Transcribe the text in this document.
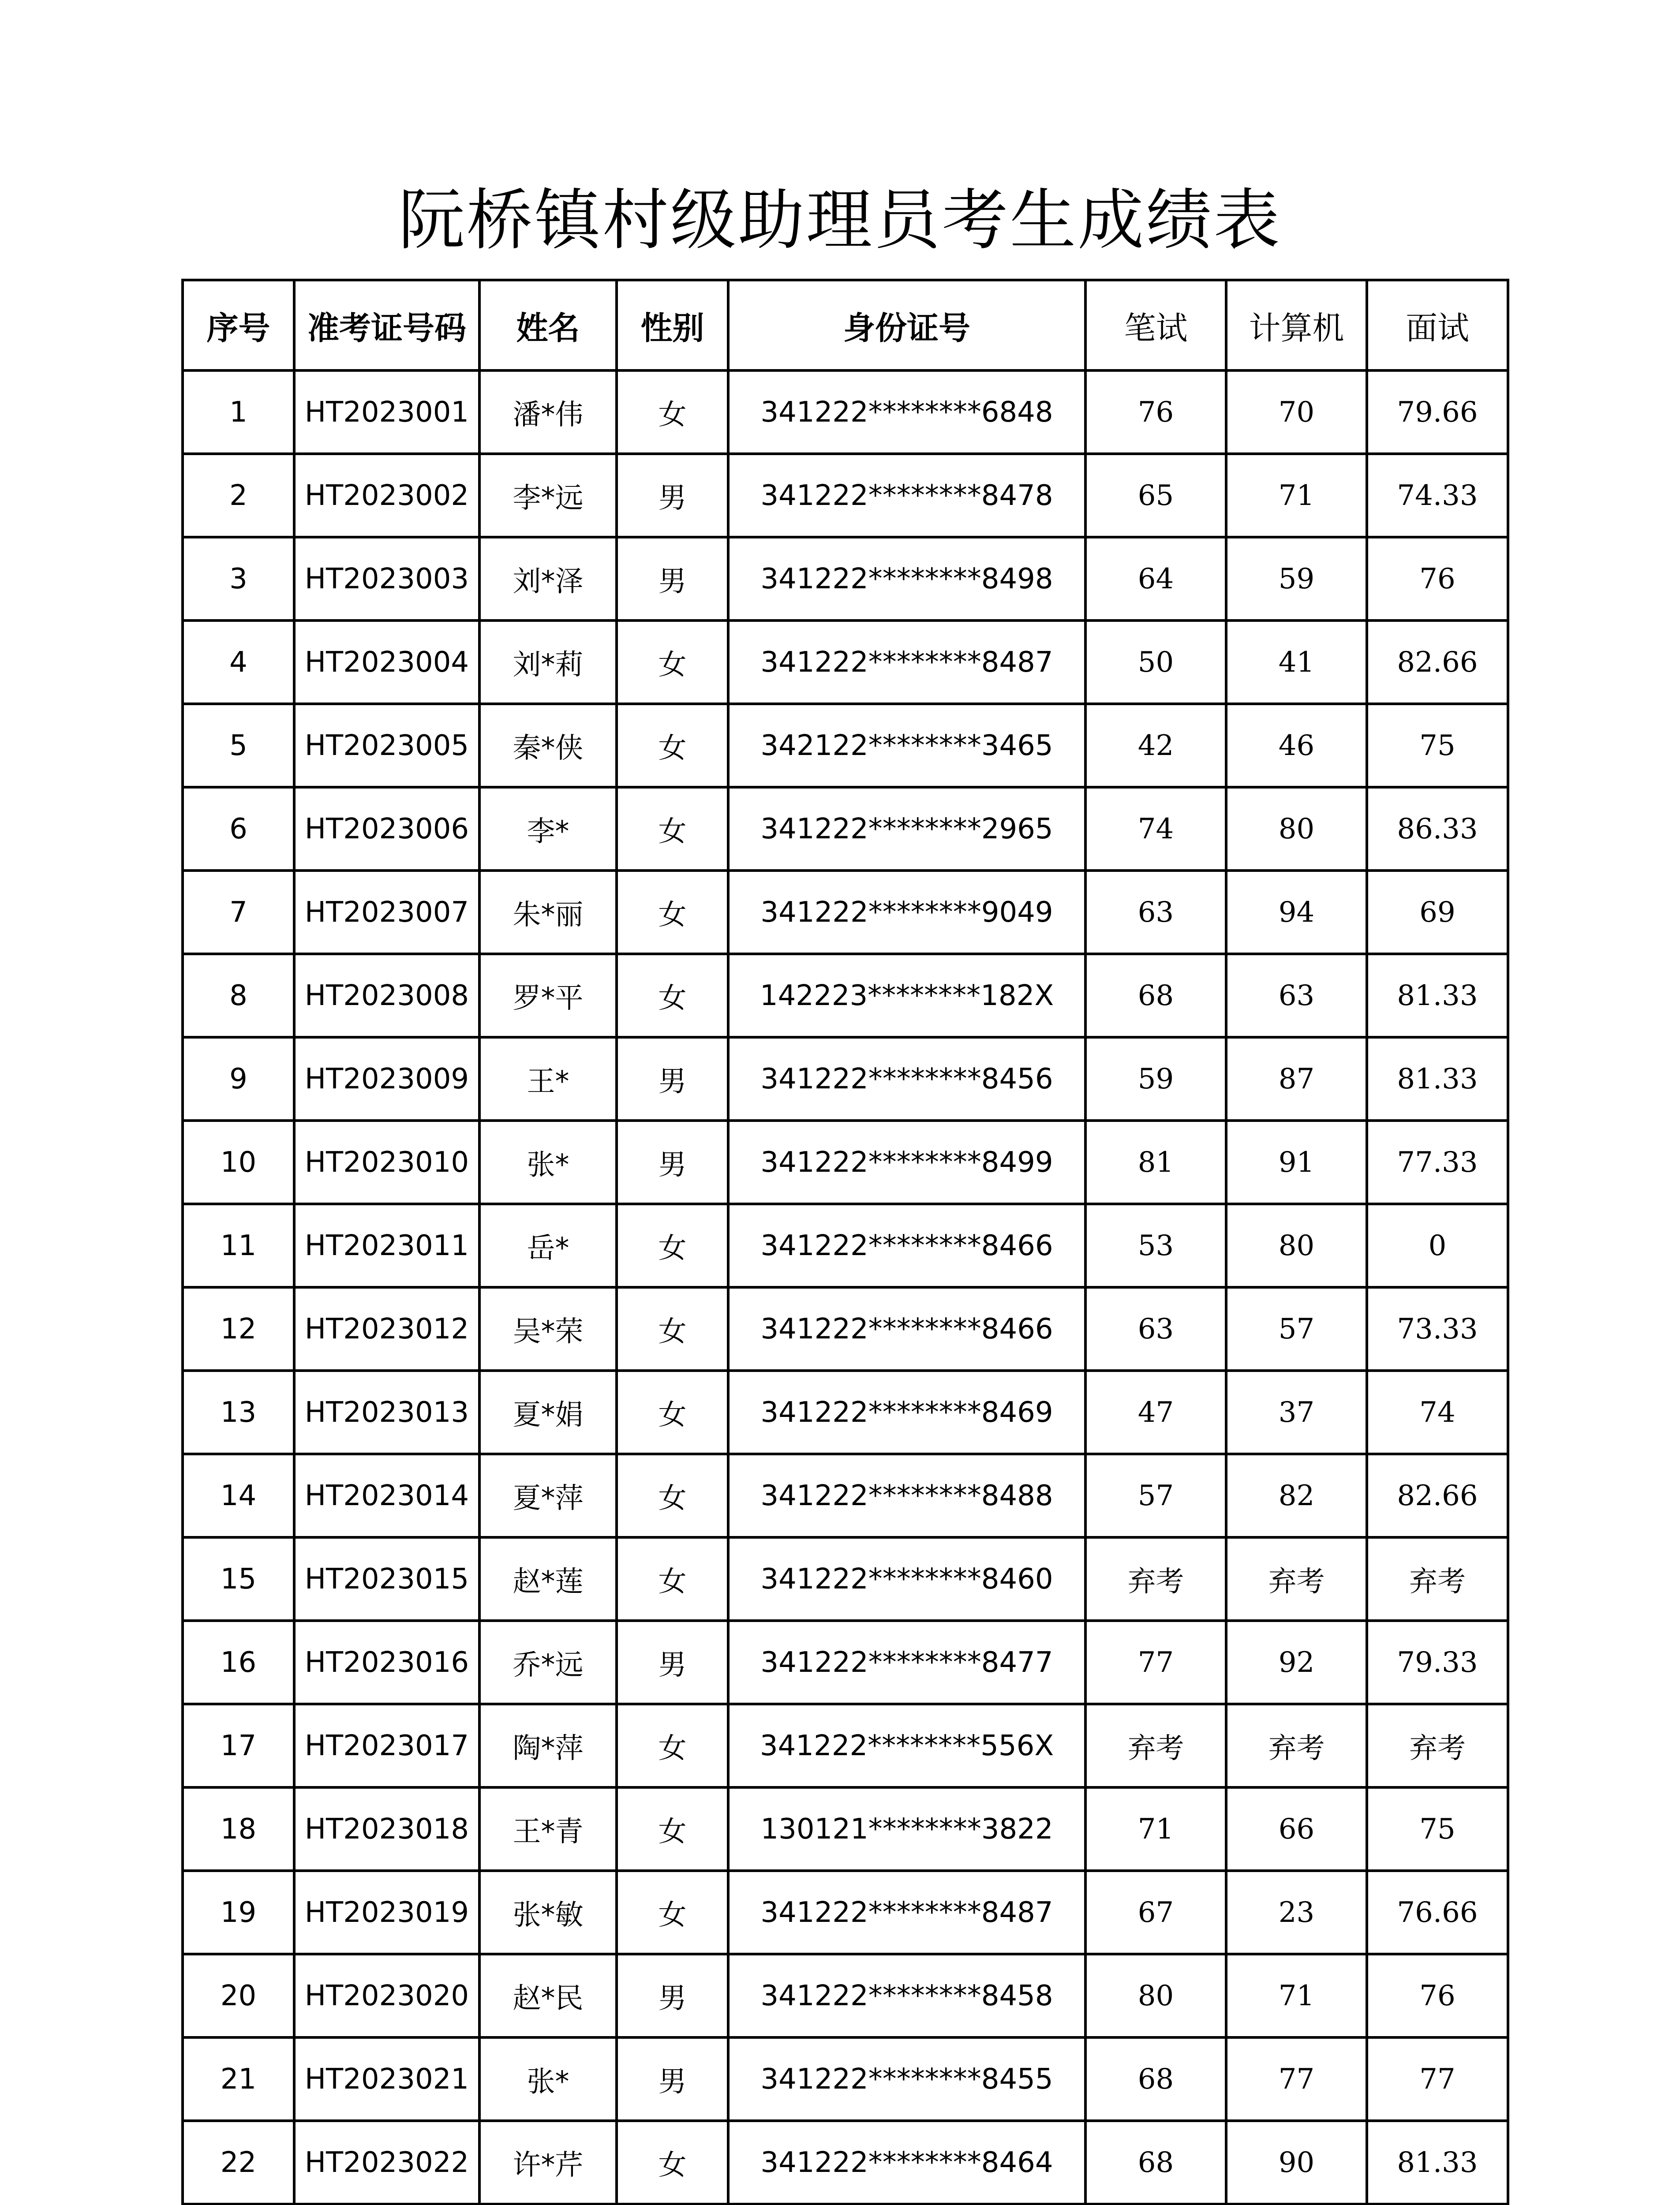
阮桥镇村级助理员考生成绩表
序号	准考证号码	姓名	性别	身份证号	笔试	计算机	面试
1	HT2023001	潘*伟	女	341222********6848	76	70	79.66
2	HT2023002	李*远	男	341222********8478	65	71	74.33
3	HT2023003	刘*泽	男	341222********8498	64	59	76
4	HT2023004	刘*莉	女	341222********8487	50	41	82.66
5	HT2023005	秦*侠	女	342122********3465	42	46	75
6	HT2023006	李*	女	341222********2965	74	80	86.33
7	HT2023007	朱*丽	女	341222********9049	63	94	69
8	HT2023008	罗*平	女	142223********182X	68	63	81.33
9	HT2023009	王*	男	341222********8456	59	87	81.33
10	HT2023010	张*	男	341222********8499	81	91	77.33
11	HT2023011	岳*	女	341222********8466	53	80	0
12	HT2023012	吴*荣	女	341222********8466	63	57	73.33
13	HT2023013	夏*娟	女	341222********8469	47	37	74
14	HT2023014	夏*萍	女	341222********8488	57	82	82.66
15	HT2023015	赵*莲	女	341222********8460	弃考	弃考	弃考
16	HT2023016	乔*远	男	341222********8477	77	92	79.33
17	HT2023017	陶*萍	女	341222********556X	弃考	弃考	弃考
18	HT2023018	王*青	女	130121********3822	71	66	75
19	HT2023019	张*敏	女	341222********8487	67	23	76.66
20	HT2023020	赵*民	男	341222********8458	80	71	76
21	HT2023021	张*	男	341222********8455	68	77	77
22	HT2023022	许*芹	女	341222********8464	68	90	81.33
